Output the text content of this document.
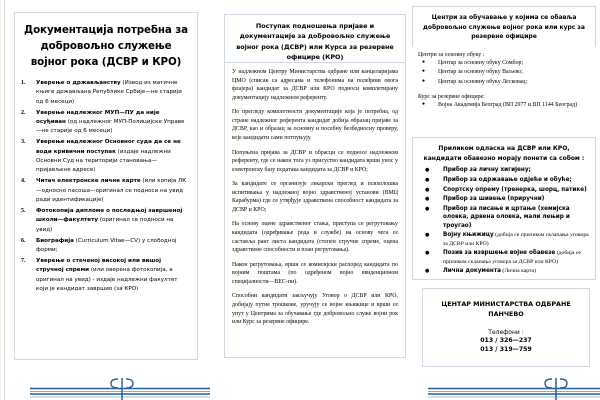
Документација потребна за добровољно служење војног рока (ДСВР и КРО)
1.	Уверење о држављанству (Извод из матичне књиге држављана Републике Србије—не старији од 6 месеци)
2.	Уверење надлежног МУП—ПУ да није осуђиван (од надлежног МУП-Полицијске Управе—не старије од 6 месеци)
3.	Уверење надлежног Основног суда да се не води кривични поступак (издаје надлежни Основни Суд на територији становања—пријављене адресе)
4.	Читач електронске личне карте (или копија ЛК—односно пасоша—оригинал се подноси на увид ради идентификације)
5.	Фотокопија дипломе о последњој завршеној школи—факултету (оригинал се подноси на увид)
6.	Биографија (Curriculum Vitae—CV) у слободној форми;
7.	Уверење о стеченој високој или вишој стручној спреми (или оверена фотокопија, а оригинал на увид) - издаје надлежни факултет који је кандидат завршио (за КРО)
Поступак подношења пријаве и документације за добровољно служење војног рока (ДСВР) или Курса за резервне официре (КРО)

У надлежном Центру Министарства одбране или канцеларијама ЦМО (списак са адресама и телефонима на полеђини овога флајера) кандидат за ДСВР или КРО подноси комплетирану документацију надлежном референту.

По прегледу комплетности документације која је потребна, од стране надлежног референта кандидат добија образац пријаве за ДСВР, као и образац за основну и посебну безбедносну проверу, које кандидати сами потпуњују.

Попуњена пријава за ДСВР и обрасци се подносе надлежном референту, где се након тога уз присуство кандидата врши унос у електронску базу података кандидата за ДСВР и КРО;

За кандидате се организује лекарски преглед и психолошка испитивања у надлежној војно здравственој установи (ВМЦ Карабурма) где се утврђује здравствена способност кандидата за ДСВР и КРО;

На основу оцене здравственог стања, приступа се регрутовању кандидата (одређивање рода и службе) на основу чега се саставља ранг листа кандидата (степен стручне спреме, оцена здравствене способности и план регрутовања).

Након регрутовања, врши се комисијски распоред кандидата по војним поштама (по одређеном војно евиденционом специјалности—ВЕС-пи).

Способни кандидати закључују Уговор о ДСВР или КРО, добијају путне трошкове, уручују се војне књижице и врши се упут у Центрима за обучавање где добровољно служе војни рок или Курс за резервне официре.

Центри за обучавање у којима се обавља добровољно служење војног рока или курс за резервне официре

Центри за основну обуку :

●	Центар за основну обуку Сомбор;
●	Центар за основну обуку Ваљево;
●	Центар за основну обуку Лесковац;

Курс за резервне официре:

●	Војна Академија Београд (ВП 2977 и ВП 1144 Београд)
Приликом одласка на ДСВР или КРО, кандидати обавезно морају понети са собом :
●	Прибор за личну хигијену;
●	Прибор за одржавање одјеће и обуће;
●	Спортску опрему (тренерка, шорц, патике)
●	Прибор за шивење (приручни)
●	Прибор за писање и цртање (хемијска оловка, дрвена оловка, мали лењир и троугао)
●	Војну књижицу (добија се приликом склапања уговора за ДСВР или КРО)
●	Позив за извршење војне обавезе (добија се приликом склапања уговора за ДСВР или КРО)
●	Лична документа (Лична карта)
ЦЕНТАР МИНИСТАРСТВА ОДБРАНЕ
ПАНЧЕВО
Телефони :
013 / 326—237
013 / 319—759
